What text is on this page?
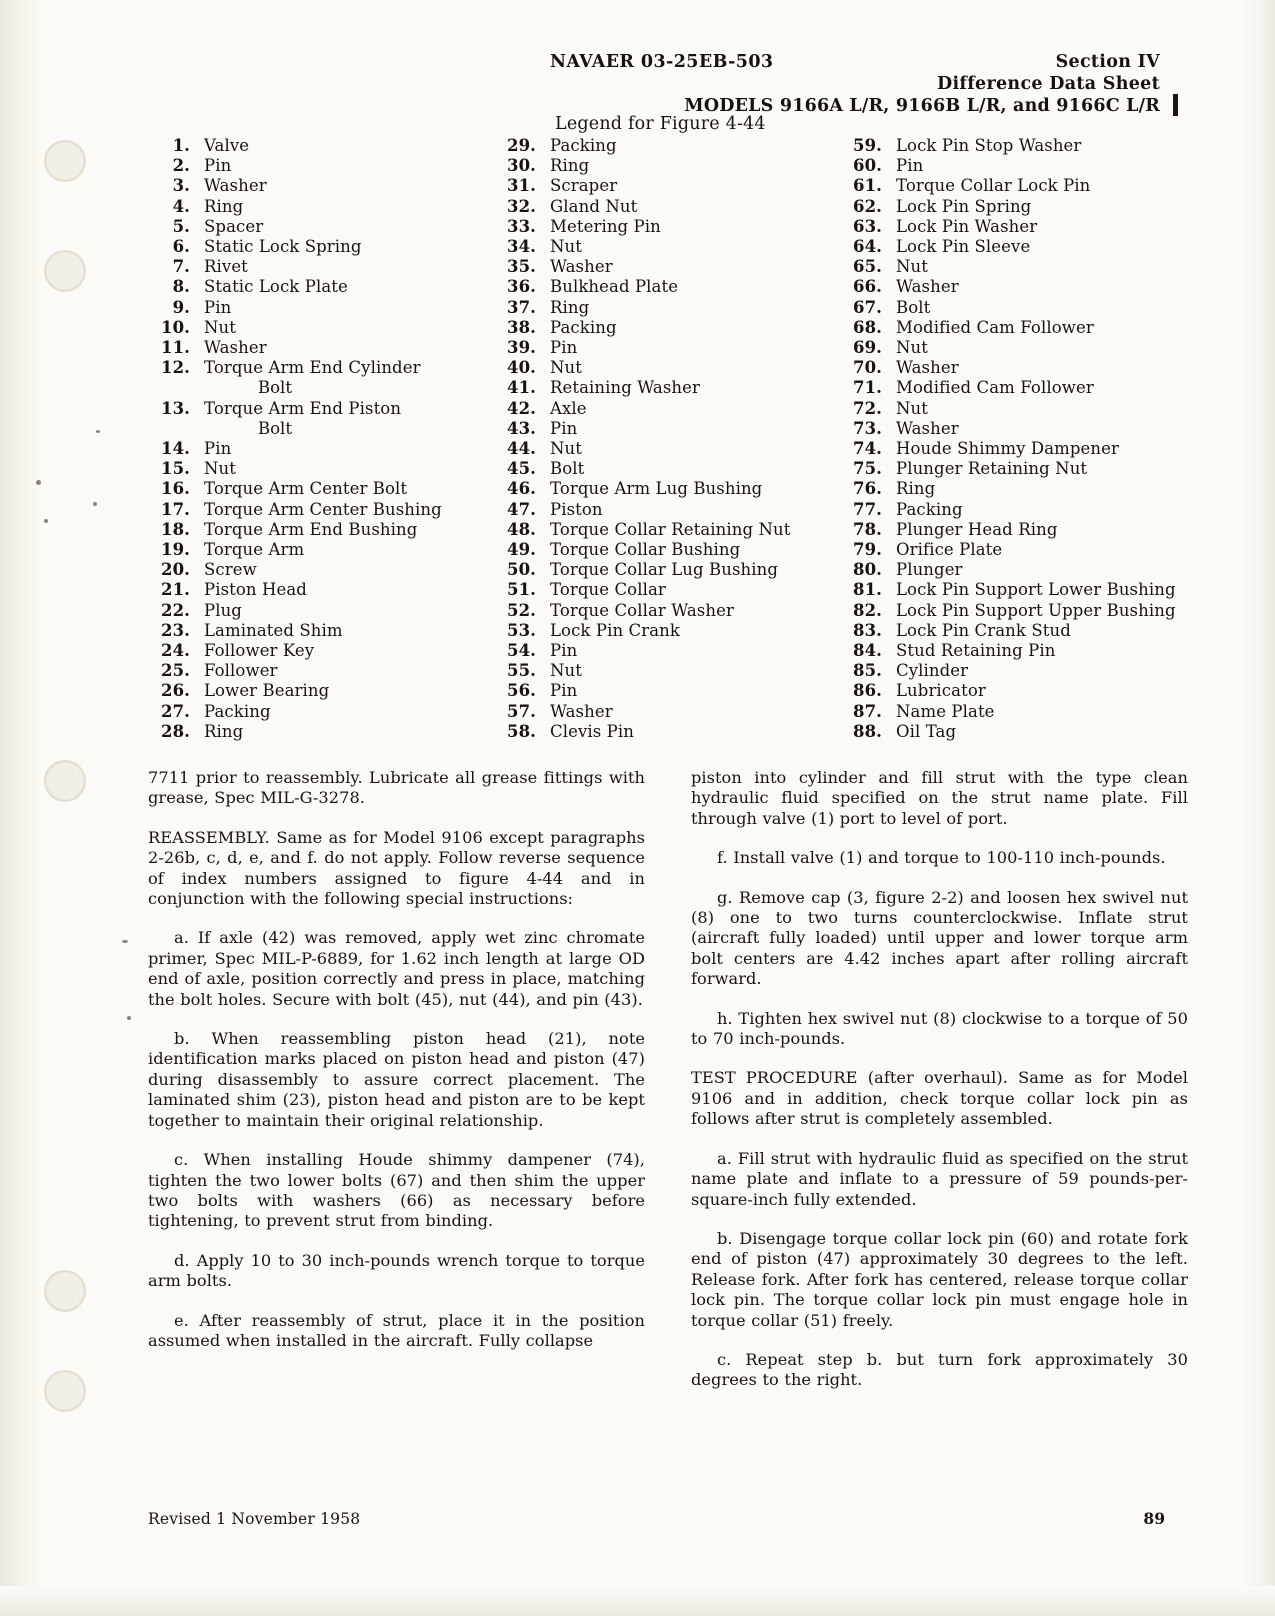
NAVAER 03-25EB-503	Section IV
Difference Data Sheet
MODELS 9166A L/R, 9166B L/R, and 9166C L/R
Legend for Figure 4-44
1. Valve
2. Pin
3. Washer
4. Ring
5. Spacer
6. Static Lock Spring
7. Rivet
8. Static Lock Plate
9. Pin
10. Nut
11. Washer
12. Torque Arm End Cylinder
Bolt
13. Torque Arm End Piston
Bolt
14. Pin
15. Nut
16. Torque Arm Center Bolt
17. Torque Arm Center Bushing
18. Torque Arm End Bushing
19. Torque Arm
20. Screw
21. Piston Head
22. Plug
23. Laminated Shim
24. Follower Key
25. Follower
26. Lower Bearing
27. Packing
28. Ring
29. Packing
30. Ring
31. Scraper
32. Gland Nut
33. Metering Pin
34. Nut
35. Washer
36. Bulkhead Plate
37. Ring
38. Packing
39. Pin
40. Nut
41. Retaining Washer
42. Axle
43. Pin
44. Nut
45. Bolt
46. Torque Arm Lug Bushing
47. Piston
48. Torque Collar Retaining Nut
49. Torque Collar Bushing
50. Torque Collar Lug Bushing
51. Torque Collar
52. Torque Collar Washer
53. Lock Pin Crank
54. Pin
55. Nut
56. Pin
57. Washer
58. Clevis Pin
59. Lock Pin Stop Washer
60. Pin
61. Torque Collar Lock Pin
62. Lock Pin Spring
63. Lock Pin Washer
64. Lock Pin Sleeve
65. Nut
66. Washer
67. Bolt
68. Modified Cam Follower
69. Nut
70. Washer
71. Modified Cam Follower
72. Nut
73. Washer
74. Houde Shimmy Dampener
75. Plunger Retaining Nut
76. Ring
77. Packing
78. Plunger Head Ring
79. Orifice Plate
80. Plunger
81. Lock Pin Support Lower Bushing
82. Lock Pin Support Upper Bushing
83. Lock Pin Crank Stud
84. Stud Retaining Pin
85. Cylinder
86. Lubricator
87. Name Plate
88. Oil Tag

7711 prior to reassembly. Lubricate all grease fittings with grease, Spec MIL-G-3278.

REASSEMBLY. Same as for Model 9106 except paragraphs 2-26b, c, d, e, and f. do not apply. Follow reverse sequence of index numbers assigned to figure 4-44 and in conjunction with the following special instructions:

a. If axle (42) was removed, apply wet zinc chromate primer, Spec MIL-P-6889, for 1.62 inch length at large OD end of axle, position correctly and press in place, matching the bolt holes. Secure with bolt (45), nut (44), and pin (43).

b. When reassembling piston head (21), note identification marks placed on piston head and piston (47) during disassembly to assure correct placement. The laminated shim (23), piston head and piston are to be kept together to maintain their original relationship.

c. When installing Houde shimmy dampener (74), tighten the two lower bolts (67) and then shim the upper two bolts with washers (66) as necessary before tightening, to prevent strut from binding.

d. Apply 10 to 30 inch-pounds wrench torque to torque arm bolts.

e. After reassembly of strut, place it in the position assumed when installed in the aircraft. Fully collapse

piston into cylinder and fill strut with the type clean hydraulic fluid specified on the strut name plate. Fill through valve (1) port to level of port.

f. Install valve (1) and torque to 100-110 inch-pounds.

g. Remove cap (3, figure 2-2) and loosen hex swivel nut (8) one to two turns counterclockwise. Inflate strut (aircraft fully loaded) until upper and lower torque arm bolt centers are 4.42 inches apart after rolling aircraft forward.

h. Tighten hex swivel nut (8) clockwise to a torque of 50 to 70 inch-pounds.

TEST PROCEDURE (after overhaul). Same as for Model 9106 and in addition, check torque collar lock pin as follows after strut is completely assembled.

a. Fill strut with hydraulic fluid as specified on the strut name plate and inflate to a pressure of 59 pounds-per-square-inch fully extended.

b. Disengage torque collar lock pin (60) and rotate fork end of piston (47) approximately 30 degrees to the left. Release fork. After fork has centered, release torque collar lock pin. The torque collar lock pin must engage hole in torque collar (51) freely.

c. Repeat step b. but turn fork approximately 30 degrees to the right.

Revised 1 November 1958	89
